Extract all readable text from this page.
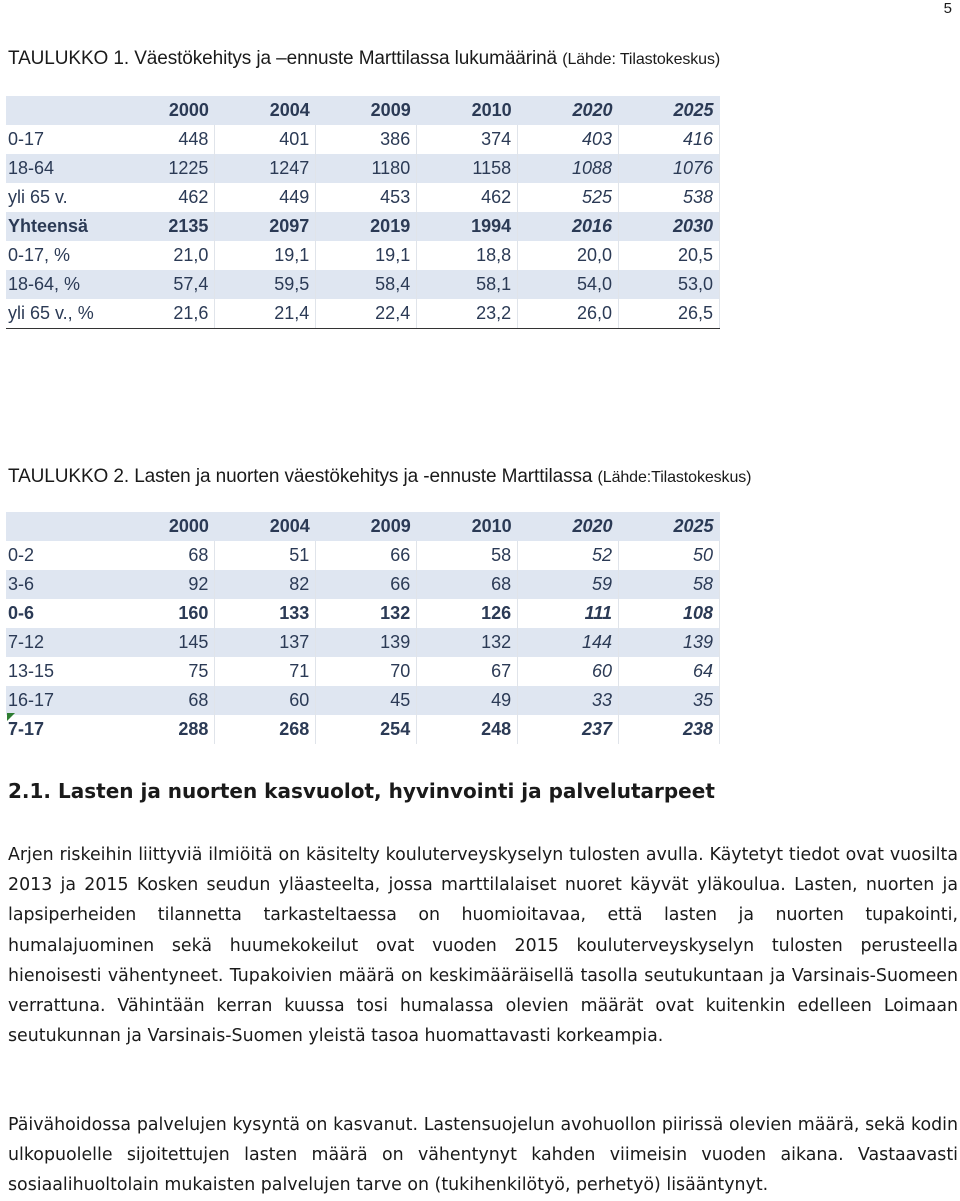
5
TAULUKKO 1. Väestökehitys ja –ennuste Marttilassa lukumäärinä (Lähde: Tilastokeskus)
	2000	2004	2009	2010	2020	2025
0-17	448	401	386	374	403	416
18-64	1225	1247	1180	1158	1088	1076
yli 65 v.	462	449	453	462	525	538
Yhteensä	2135	2097	2019	1994	2016	2030
0-17, %	21,0	19,1	19,1	18,8	20,0	20,5
18-64, %	57,4	59,5	58,4	58,1	54,0	53,0
yli 65 v., %	21,6	21,4	22,4	23,2	26,0	26,5
TAULUKKO 2. Lasten ja nuorten väestökehitys ja -ennuste Marttilassa (Lähde:Tilastokeskus)
	2000	2004	2009	2010	2020	2025
0-2	68	51	66	58	52	50
3-6	92	82	66	68	59	58
0-6	160	133	132	126	111	108
7-12	145	137	139	132	144	139
13-15	75	71	70	67	60	64
16-17	68	60	45	49	33	35
7-17	288	268	254	248	237	238
2.1. Lasten ja nuorten kasvuolot, hyvinvointi ja palvelutarpeet

Arjen riskeihin liittyviä ilmiöitä on käsitelty kouluterveyskyselyn tulosten avulla. Käytetyt tiedot ovat vuosilta 2013 ja 2015 Kosken seudun yläasteelta, jossa marttilalaiset nuoret käyvät yläkoulua. Lasten, nuorten ja lapsiperheiden tilannetta tarkasteltaessa on huomioitavaa, että lasten ja nuorten tupakointi, humalajuominen sekä huumekokeilut ovat vuoden 2015 kouluterveyskyselyn tulosten perusteella hienoisesti vähentyneet. Tupakoivien määrä on keskimääräisellä tasolla seutukuntaan ja Varsinais-Suomeen verrattuna. Vähintään kerran kuussa tosi humalassa olevien määrät ovat kuitenkin edelleen Loimaan seutukunnan ja Varsinais-Suomen yleistä tasoa huomattavasti korkeampia.

Päivähoidossa palvelujen kysyntä on kasvanut. Lastensuojelun avohuollon piirissä olevien määrä, sekä kodin ulkopuolelle sijoitettujen lasten määrä on vähentynyt kahden viimeisin vuoden aikana. Vastaavasti sosiaalihuoltolain mukaisten palvelujen tarve on (tukihenkilötyö, perhetyö) lisääntynyt.
